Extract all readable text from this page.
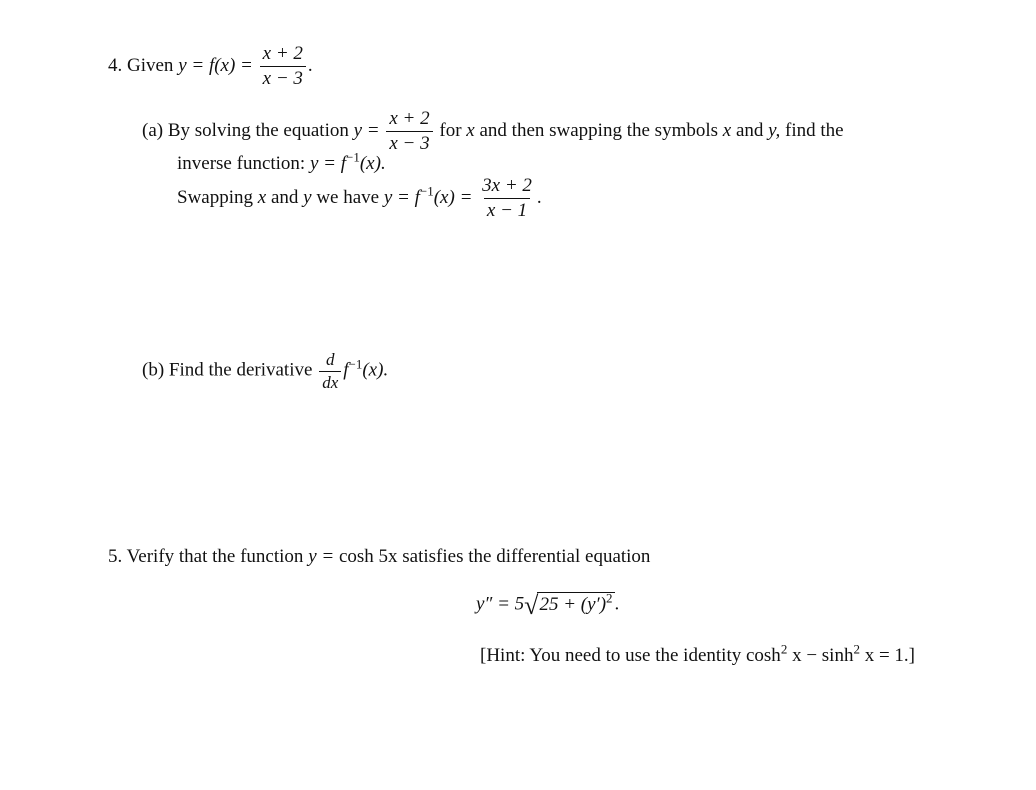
4. Given $y = f(x) = \frac{x + 2}{x - 3}$ .
(a) By solving the equation $y = \frac{x + 2}{x - 3}$ for x and then swapping the symbols x and y, find the
inverse function: $y = f^{-1}(x)$.
Swapping x and y we have $y = f^{-1}(x) = \frac{3x + 2}{x - 1}$ .
(b) Find the derivative $\frac{d}{dx} f^{-1}(x)$.
5. Verify that the function y = cosh 5x satisfies the differential equation
y″ = 5 √ $25 + (y')^2$ .
[Hint: You need to use the identity $\cosh^2 x - \sinh^2 x = 1$.]
